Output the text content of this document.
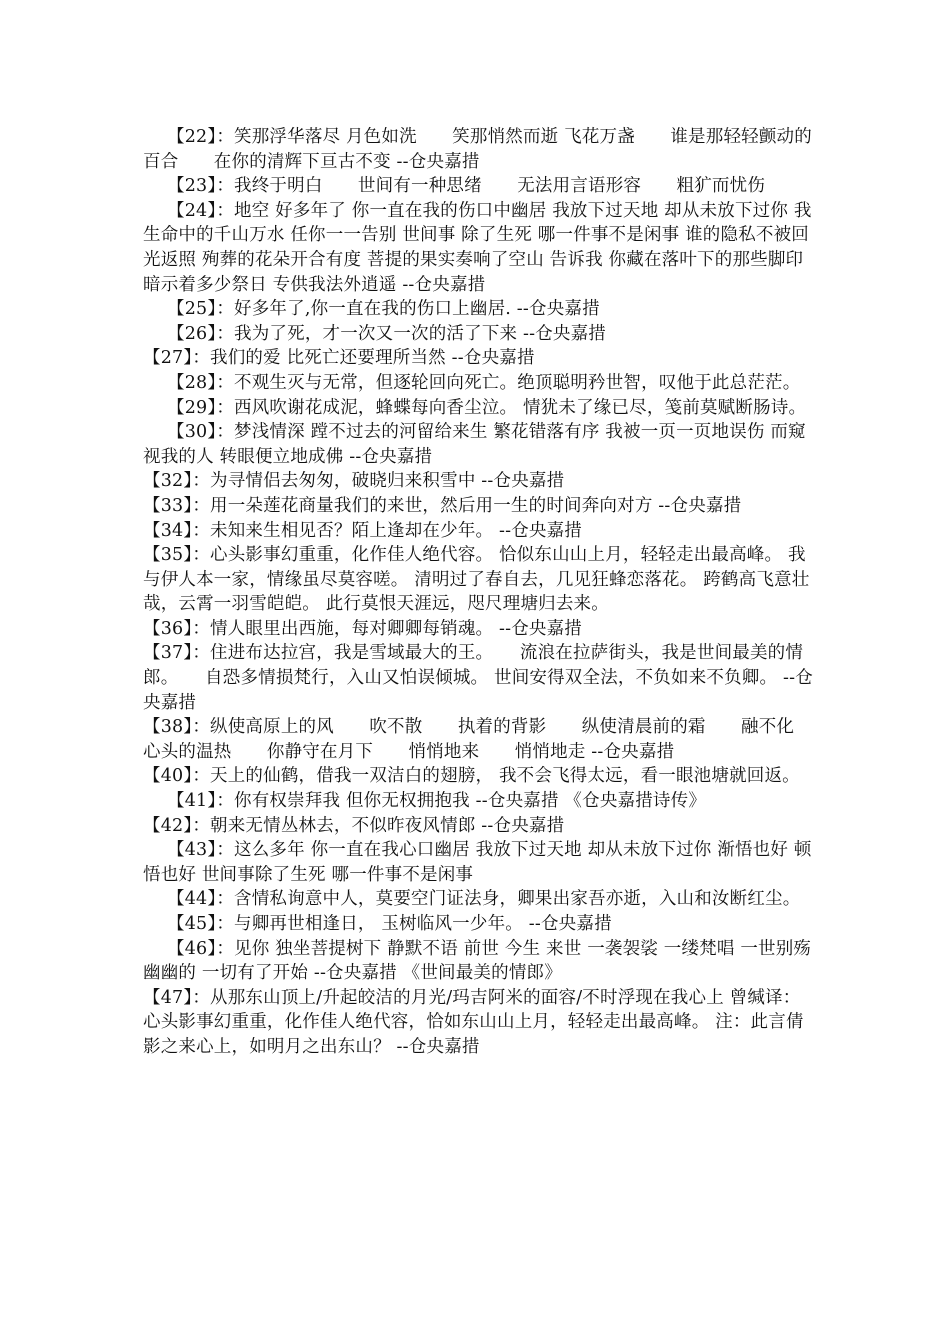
【22】：笑那浮华落尽 月色如洗　　笑那悄然而逝 飞花万盏　　谁是那轻轻颤动的百合　　在你的清辉下亘古不变 --仓央嘉措

【23】：我终于明白　　世间有一种思绪　　无法用言语形容　　粗犷而忧伤

【24】：地空 好多年了 你一直在我的伤口中幽居 我放下过天地 却从未放下过你 我生命中的千山万水 任你一一告别 世间事 除了生死 哪一件事不是闲事 谁的隐私不被回光返照 殉葬的花朵开合有度 菩提的果实奏响了空山 告诉我 你藏在落叶下的那些脚印 暗示着多少祭日 专供我法外逍遥 --仓央嘉措

【25】：好多年了,你一直在我的伤口上幽居. --仓央嘉措

【26】：我为了死，才一次又一次的活了下来 --仓央嘉措

【27】：我们的爱 比死亡还要理所当然 --仓央嘉措

【28】：不观生灭与无常，但逐轮回向死亡。绝顶聪明矜世智，叹他于此总茫茫。

【29】：西风吹谢花成泥，蜂蝶每向香尘泣。 情犹未了缘已尽，笺前莫赋断肠诗。

【30】：梦浅情深 蹚不过去的河留给来生 繁花错落有序 我被一页一页地误伤 而窥视我的人 转眼便立地成佛 --仓央嘉措

【32】：为寻情侣去匆匆，破晓归来积雪中 --仓央嘉措

【33】：用一朵莲花商量我们的来世，然后用一生的时间奔向对方 --仓央嘉措

【34】：未知来生相见否？陌上逢却在少年。 --仓央嘉措

【35】：心头影事幻重重，化作佳人绝代容。 恰似东山山上月，轻轻走出最高峰。 我与伊人本一家，情缘虽尽莫容嗟。 清明过了春自去，几见狂蜂恋落花。 跨鹤高飞意壮哉，云霄一羽雪皑皑。 此行莫恨天涯远，咫尺理塘归去来。

【36】：情人眼里出西施，每对卿卿每销魂。 --仓央嘉措

【37】：住进布达拉宫，我是雪域最大的王。　　流浪在拉萨街头，我是世间最美的情郎。　　自恐多情损梵行，入山又怕误倾城。 世间安得双全法，不负如来不负卿。 --仓央嘉措

【38】：纵使高原上的风　　吹不散　　执着的背影　　纵使清晨前的霜　　融不化　　心头的温热　　你静守在月下　　悄悄地来　　悄悄地走 --仓央嘉措

【40】：天上的仙鹤，借我一双洁白的翅膀， 我不会飞得太远，看一眼池塘就回返。

【41】：你有权崇拜我 但你无权拥抱我 --仓央嘉措 《仓央嘉措诗传》

【42】：朝来无情丛林去，不似昨夜风情郎 --仓央嘉措

【43】：这么多年 你一直在我心口幽居 我放下过天地 却从未放下过你 渐悟也好 顿悟也好 世间事除了生死 哪一件事不是闲事

【44】：含情私询意中人，莫要空门证法身，卿果出家吾亦逝，入山和汝断红尘。

【45】：与卿再世相逢日， 玉树临风一少年。 --仓央嘉措

【46】：见你 独坐菩提树下 静默不语 前世 今生 来世 一袭袈裟 一缕梵唱 一世别殇 幽幽的 一切有了开始 --仓央嘉措 《世间最美的情郎》

【47】：从那东山顶上/升起皎洁的月光/玛吉阿米的面容/不时浮现在我心上 曾缄译： 心头影事幻重重，化作佳人绝代容，恰如东山山上月，轻轻走出最高峰。 注：此言倩影之来心上，如明月之出东山？ --仓央嘉措
